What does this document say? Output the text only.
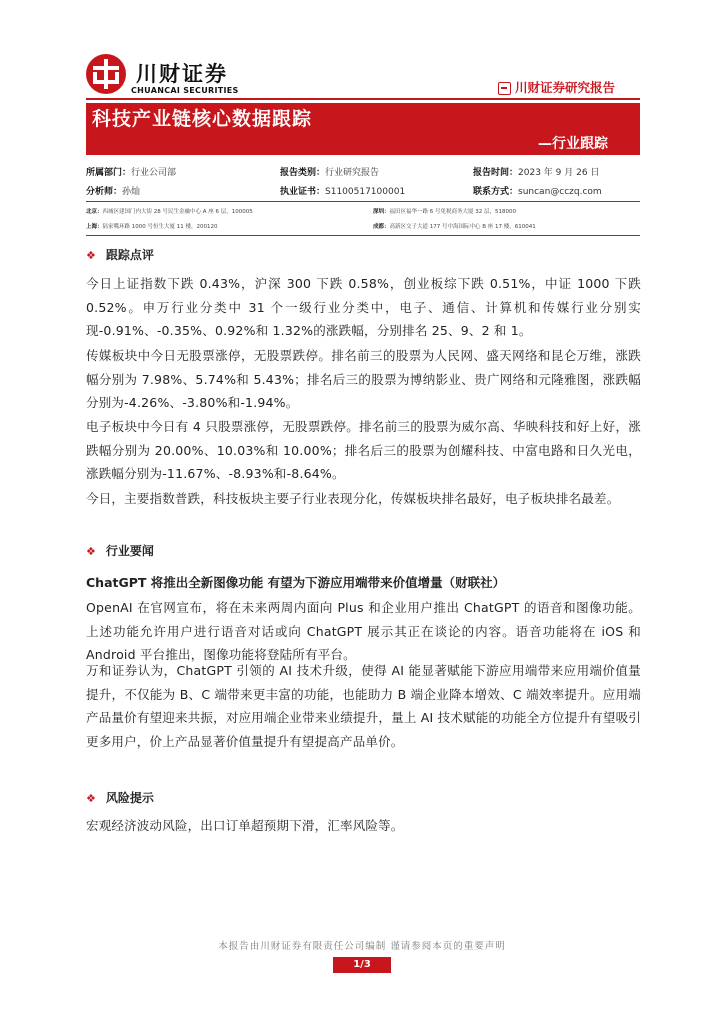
川财证券
CHUANCAI SECURITIES	川财证券研究报告
科技产业链核心数据跟踪
—行业跟踪
所属部门：行业公司部	报告类别：行业研究报告	报告时间：2023 年 9 月 26 日
分析师：孙灿	执业证书：S1100517100001	联系方式：suncan@cczq.com
北京：西城区建国门内大街 28 号民生金融中心 A 座 6 层，100005	深圳：福田区福华一路 6 号免税商务大厦 32 层，518000
上海：陆家嘴环路 1000 号恒生大厦 11 楼，200120	成都：高新区交子大道 177 号中海国际中心 B 座 17 楼，610041
❖ 跟踪点评
今日上证指数下跌 0.43%，沪深 300 下跌 0.58%，创业板综下跌 0.51%，中证 1000 下跌 0.52%。申万行业分类中 31 个一级行业分类中，电子、通信、计算机和传媒行业分别实现-0.91%、-0.35%、0.92%和 1.32%的涨跌幅，分别排名 25、9、2 和 1。
传媒板块中今日无股票涨停，无股票跌停。排名前三的股票为人民网、盛天网络和昆仑万维，涨跌幅分别为 7.98%、5.74%和 5.43%；排名后三的股票为博纳影业、贵广网络和元隆雅图，涨跌幅分别为-4.26%、-3.80%和-1.94%。
电子板块中今日有 4 只股票涨停，无股票跌停。排名前三的股票为威尔高、华映科技和好上好，涨跌幅分别为 20.00%、10.03%和 10.00%；排名后三的股票为创耀科技、中富电路和日久光电，涨跌幅分别为-11.67%、-8.93%和-8.64%。
今日，主要指数普跌，科技板块主要子行业表现分化，传媒板块排名最好，电子板块排名最差。
❖ 行业要闻
ChatGPT 将推出全新图像功能 有望为下游应用端带来价值增量（财联社）
OpenAI 在官网宣布，将在未来两周内面向 Plus 和企业用户推出 ChatGPT 的语音和图像功能。上述功能允许用户进行语音对话或向 ChatGPT 展示其正在谈论的内容。语音功能将在 iOS 和 Android 平台推出，图像功能将登陆所有平台。
万和证券认为，ChatGPT 引领的 AI 技术升级，使得 AI 能显著赋能下游应用端带来应用端价值量提升，不仅能为 B、C 端带来更丰富的功能，也能助力 B 端企业降本增效、C 端效率提升。应用端产品量价有望迎来共振，对应用端企业带来业绩提升，量上 AI 技术赋能的功能全方位提升有望吸引更多用户，价上产品显著价值量提升有望提高产品单价。
❖ 风险提示
宏观经济波动风险，出口订单超预期下滑，汇率风险等。
本报告由川财证券有限责任公司编制 谨请参阅本页的重要声明
1/3
